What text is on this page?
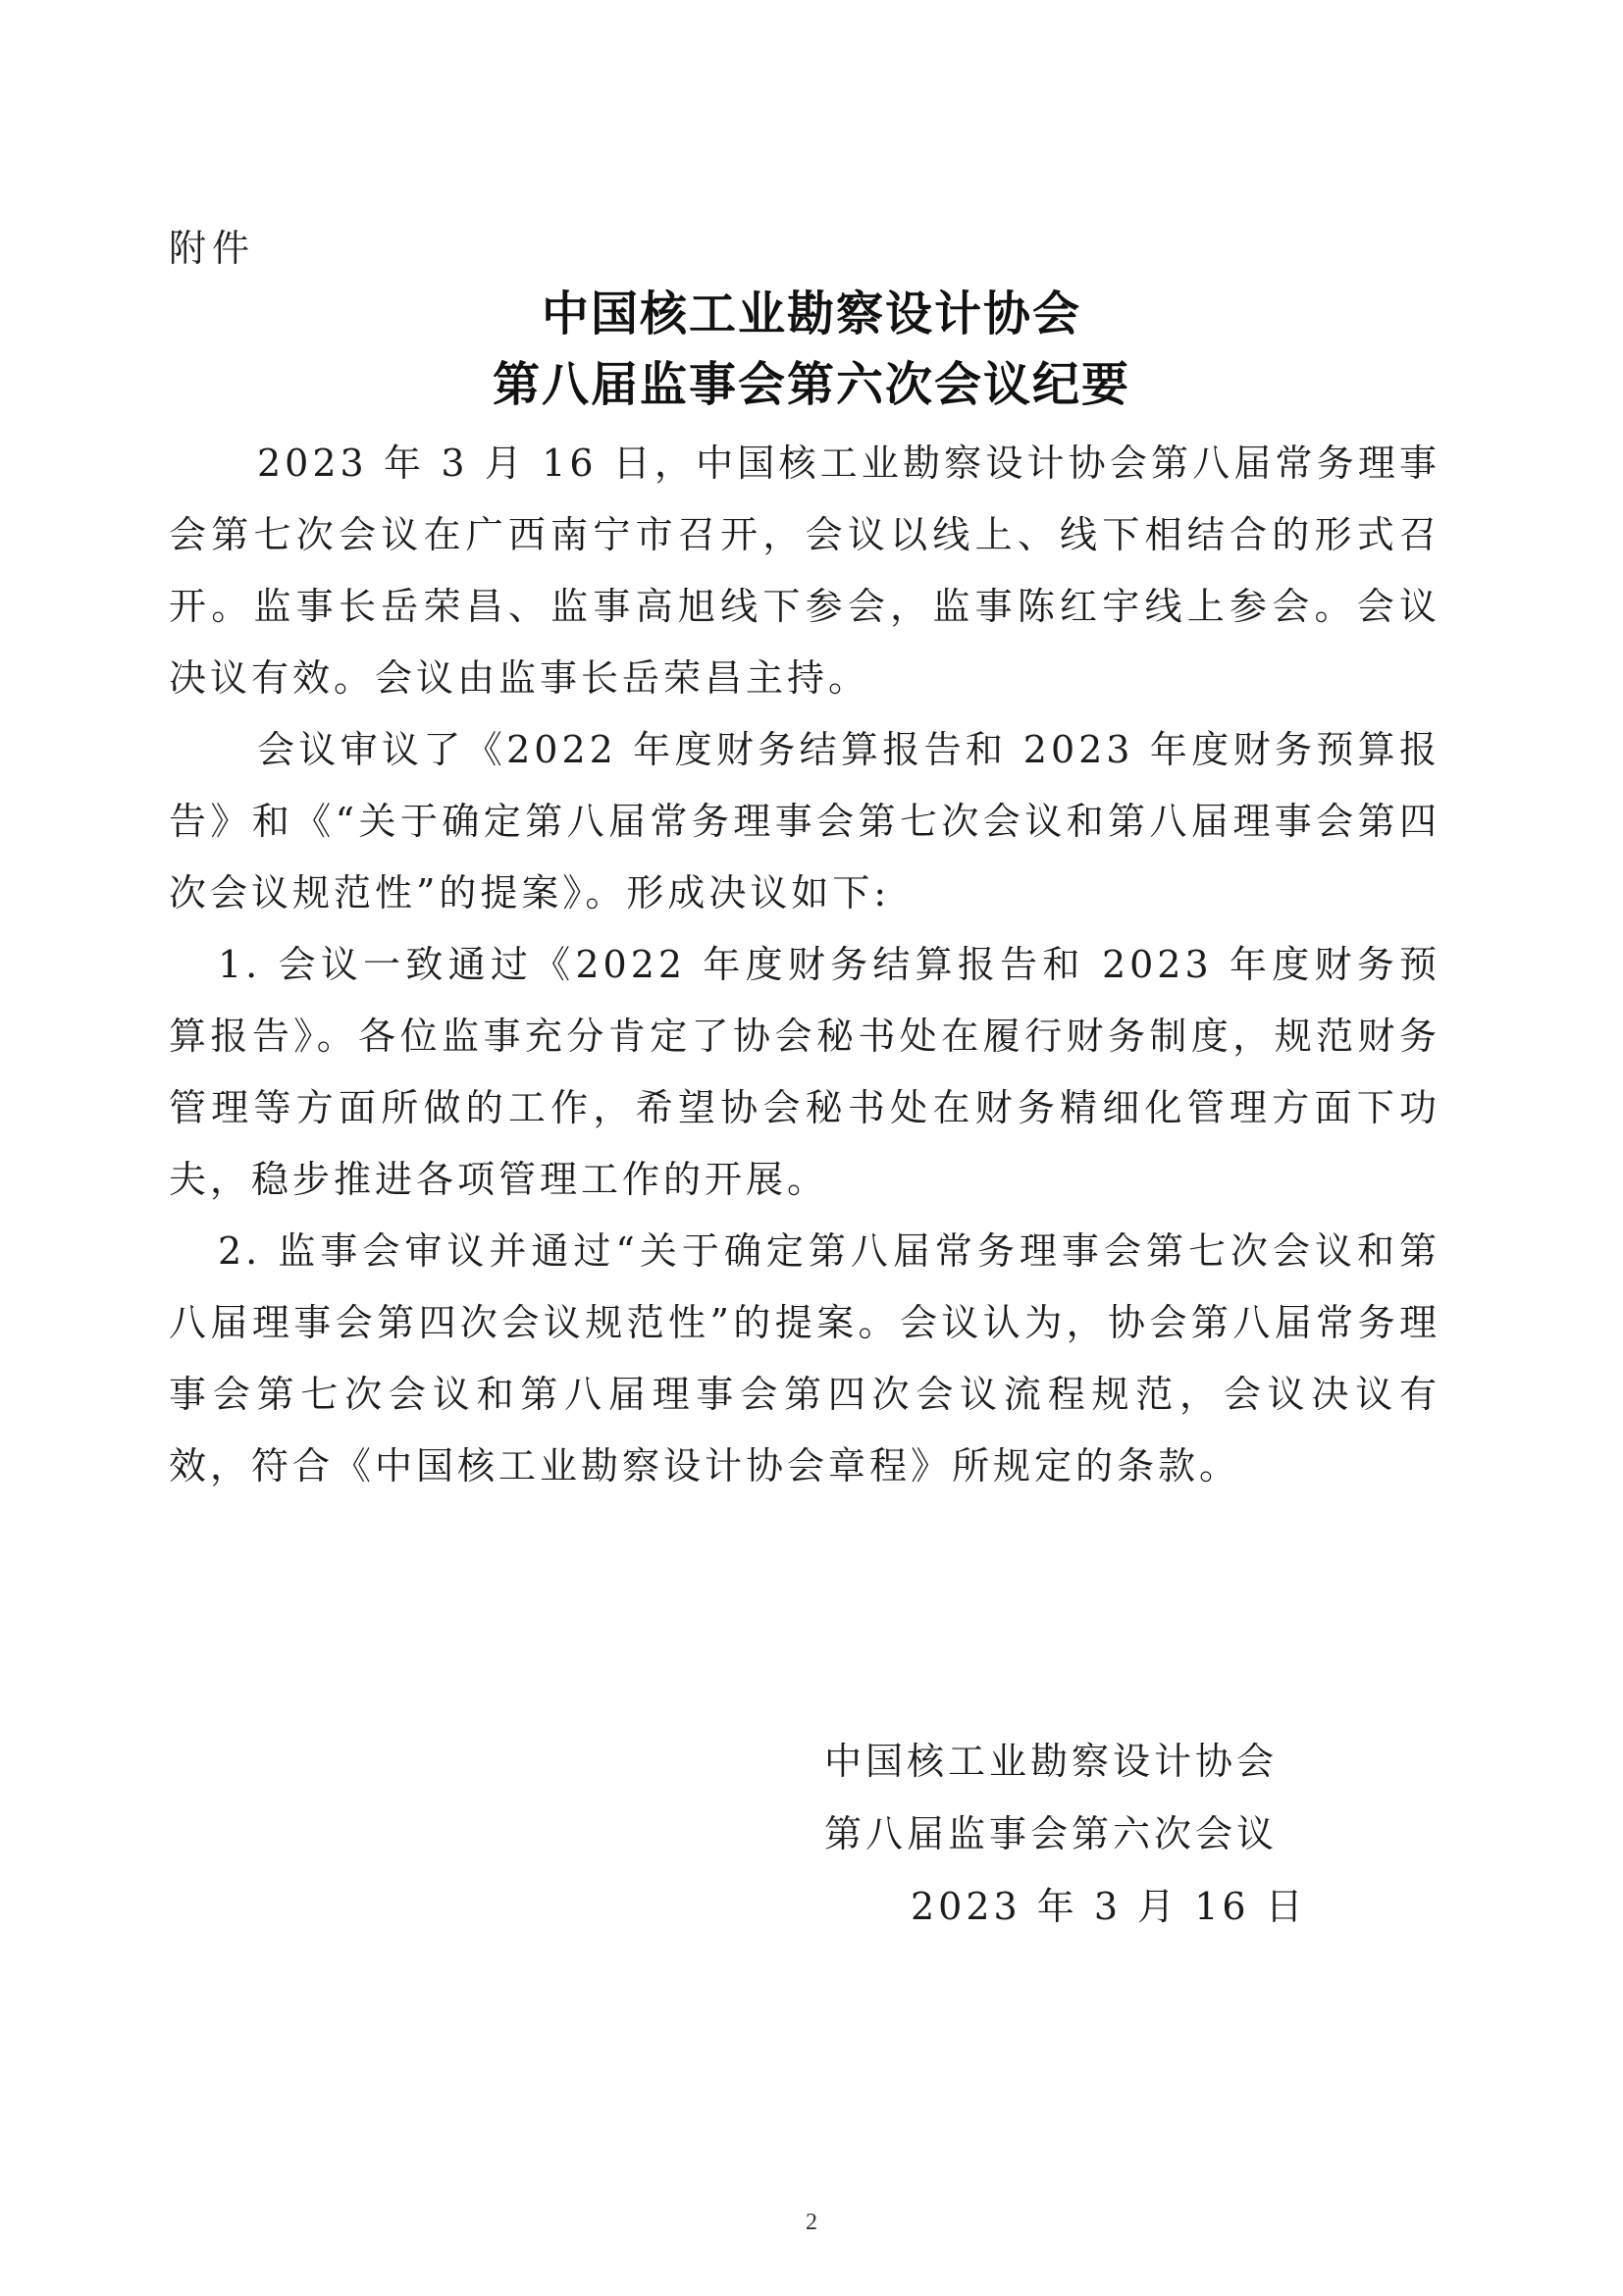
附件
中国核工业勘察设计协会
第八届监事会第六次会议纪要

2023 年 3 月 16 日，中国核工业勘察设计协会第八届常务理事会第七次会议在广西南宁市召开，会议以线上、线下相结合的形式召开。监事长岳荣昌、监事高旭线下参会，监事陈红宇线上参会。会议决议有效。会议由监事长岳荣昌主持。

会议审议了《2022 年度财务结算报告和 2023 年度财务预算报告》和《“关于确定第八届常务理事会第七次会议和第八届理事会第四次会议规范性”的提案》。形成决议如下:

1. 会议一致通过《2022 年度财务结算报告和 2023 年度财务预算报告》。各位监事充分肯定了协会秘书处在履行财务制度，规范财务管理等方面所做的工作，希望协会秘书处在财务精细化管理方面下功夫，稳步推进各项管理工作的开展。

2. 监事会审议并通过“关于确定第八届常务理事会第七次会议和第八届理事会第四次会议规范性”的提案。会议认为，协会第八届常务理事会第七次会议和第八届理事会第四次会议流程规范，会议决议有效，符合《中国核工业勘察设计协会章程》所规定的条款。

中国核工业勘察设计协会
第八届监事会第六次会议
2023 年 3 月 16 日
2
